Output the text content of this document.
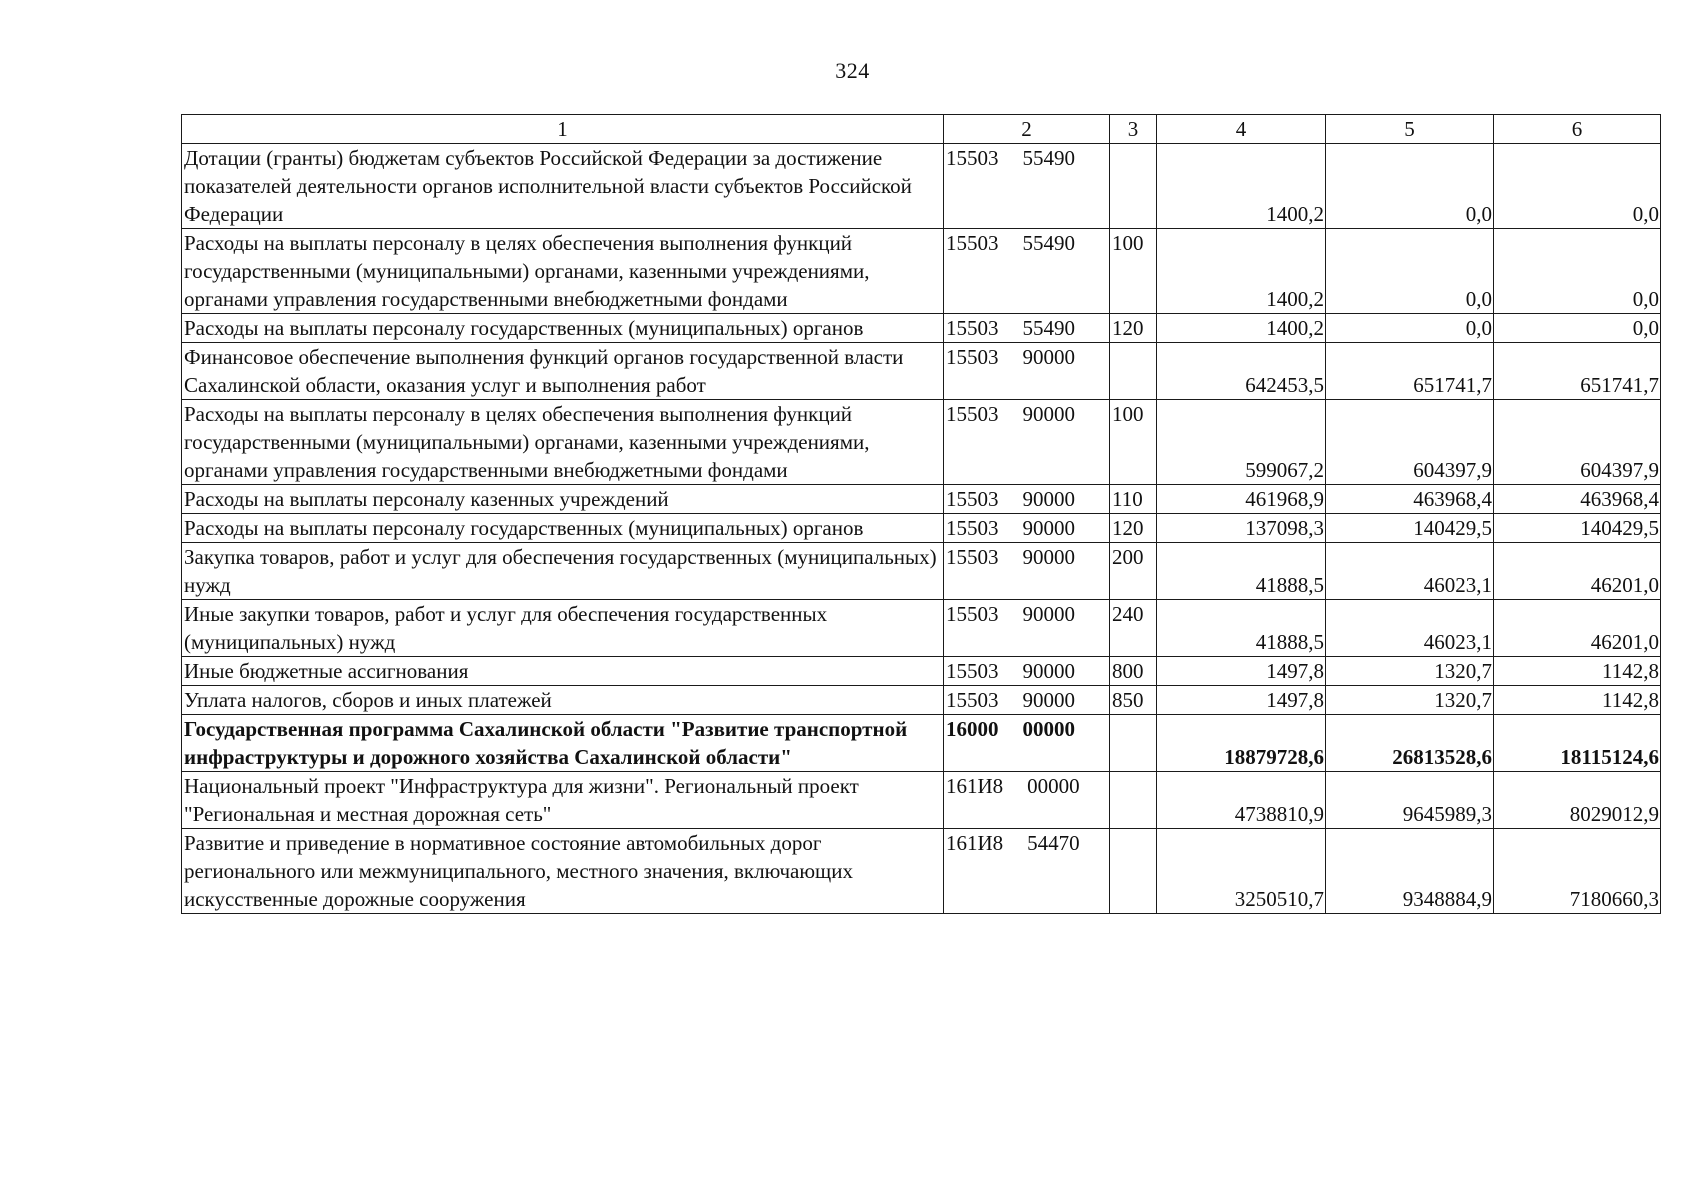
324
1	2	3	4	5	6
Дотации (гранты) бюджетам субъектов Российской Федерации за достижение показателей деятельности органов исполнительной власти субъектов Российской Федерации	15503 55490		1400,2	0,0	0,0
Расходы на выплаты персоналу в целях обеспечения выполнения функций государственными (муниципальными) органами, казенными учреждениями, органами управления государственными внебюджетными фондами	15503 55490	100	1400,2	0,0	0,0
Расходы на выплаты персоналу государственных (муниципальных) органов	15503 55490	120	1400,2	0,0	0,0
Финансовое обеспечение выполнения функций органов государственной власти Сахалинской области, оказания услуг и выполнения работ	15503 90000		642453,5	651741,7	651741,7
Расходы на выплаты персоналу в целях обеспечения выполнения функций государственными (муниципальными) органами, казенными учреждениями, органами управления государственными внебюджетными фондами	15503 90000	100	599067,2	604397,9	604397,9
Расходы на выплаты персоналу казенных учреждений	15503 90000	110	461968,9	463968,4	463968,4
Расходы на выплаты персоналу государственных (муниципальных) органов	15503 90000	120	137098,3	140429,5	140429,5
Закупка товаров, работ и услуг для обеспечения государственных (муниципальных) нужд	15503 90000	200	41888,5	46023,1	46201,0
Иные закупки товаров, работ и услуг для обеспечения государственных (муниципальных) нужд	15503 90000	240	41888,5	46023,1	46201,0
Иные бюджетные ассигнования	15503 90000	800	1497,8	1320,7	1142,8
Уплата налогов, сборов и иных платежей	15503 90000	850	1497,8	1320,7	1142,8
Государственная программа Сахалинской области "Развитие транспортной инфраструктуры и дорожного хозяйства Сахалинской области"	16000 00000		18879728,6	26813528,6	18115124,6
Национальный проект "Инфраструктура для жизни". Региональный проект "Региональная и местная дорожная сеть"	161И8 00000		4738810,9	9645989,3	8029012,9
Развитие и приведение в нормативное состояние автомобильных дорог регионального или межмуниципального, местного значения, включающих искусственные дорожные сооружения	161И8 54470		3250510,7	9348884,9	7180660,3
